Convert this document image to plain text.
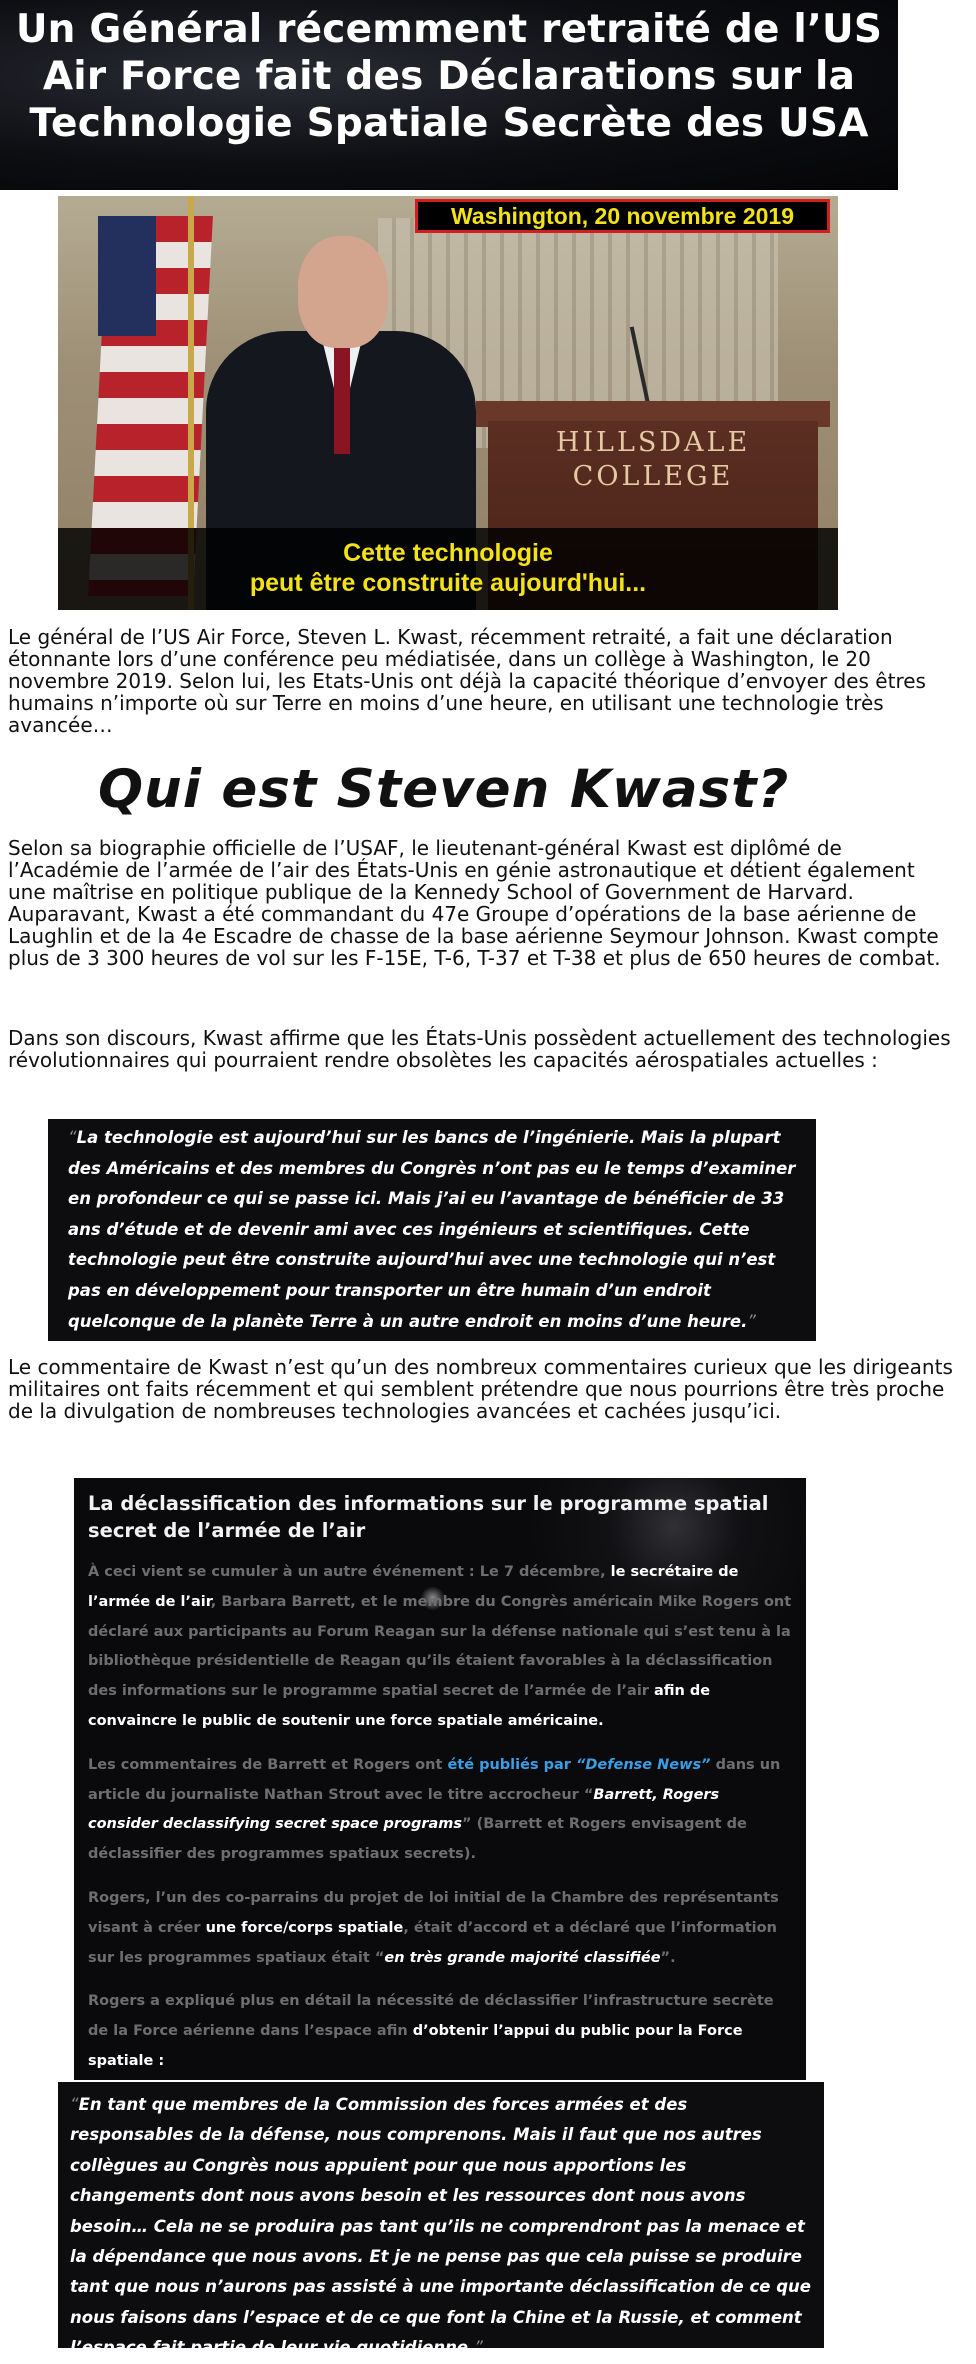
Un Général récemment retraité de l’US
Air Force fait des Déclarations sur la
Technologie Spatiale Secrète des USA
HILLSDALE
COLLEGE
Washington, 20 novembre 2019
Cette technologie
peut être construite aujourd'hui...

Le général de l’US Air Force, Steven L. Kwast, récemment retraité, a fait une déclaration étonnante lors d’une conférence peu médiatisée, dans un collège à Washington, le 20 novembre 2019. Selon lui, les Etats-Unis ont déjà la capacité théorique d’envoyer des êtres humains n’importe où sur Terre en moins d’une heure, en utilisant une technologie très avancée…

Qui est Steven Kwast?

Selon sa biographie officielle de l’USAF, le lieutenant-général Kwast est diplômé de l’Académie de l’armée de l’air des États-Unis en génie astronautique et détient également une maîtrise en politique publique de la Kennedy School of Government de Harvard. Auparavant, Kwast a été commandant du 47e Groupe d’opérations de la base aérienne de Laughlin et de la 4e Escadre de chasse de la base aérienne Seymour Johnson. Kwast compte plus de 3 300 heures de vol sur les F-15E, T-6, T-37 et T-38 et plus de 650 heures de combat.

Dans son discours, Kwast affirme que les États-Unis possèdent actuellement des technologies révolutionnaires qui pourraient rendre obsolètes les capacités aérospatiales actuelles :

“La technologie est aujourd’hui sur les bancs de l’ingénierie. Mais la plupart des Américains et des membres du Congrès n’ont pas eu le temps d’examiner en profondeur ce qui se passe ici. Mais j’ai eu l’avantage de bénéficier de 33 ans d’étude et de devenir ami avec ces ingénieurs et scientifiques. Cette technologie peut être construite aujourd’hui avec une technologie qui n’est pas en développement pour transporter un être humain d’un endroit quelconque de la planète Terre à un autre endroit en moins d’une heure.”

Le commentaire de Kwast n’est qu’un des nombreux commentaires curieux que les dirigeants militaires ont faits récemment et qui semblent prétendre que nous pourrions être très proche de la divulgation de nombreuses technologies avancées et cachées jusqu’ici.

La déclassification des informations sur le programme spatial secret de l’armée de l’air

À ceci vient se cumuler à un autre événement : Le 7 décembre, le secrétaire de l’armée de l’air, Barbara Barrett, et le membre du Congrès américain Mike Rogers ont déclaré aux participants au Forum Reagan sur la défense nationale qui s’est tenu à la bibliothèque présidentielle de Reagan qu’ils étaient favorables à la déclassification des informations sur le programme spatial secret de l’armée de l’air afin de convaincre le public de soutenir une force spatiale américaine.

Les commentaires de Barrett et Rogers ont été publiés par “Defense News” dans un article du journaliste Nathan Strout avec le titre accrocheur “Barrett, Rogers consider declassifying secret space programs” (Barrett et Rogers envisagent de déclassifier des programmes spatiaux secrets).

Rogers, l’un des co-parrains du projet de loi initial de la Chambre des représentants visant à créer une force/corps spatiale, était d’accord et a déclaré que l’information sur les programmes spatiaux était “en très grande majorité classifiée”.

Rogers a expliqué plus en détail la nécessité de déclassifier l’infrastructure secrète de la Force aérienne dans l’espace afin d’obtenir l’appui du public pour la Force spatiale :

“En tant que membres de la Commission des forces armées et des responsables de la défense, nous comprenons. Mais il faut que nos autres collègues au Congrès nous appuient pour que nous apportions les changements dont nous avons besoin et les ressources dont nous avons besoin… Cela ne se produira pas tant qu’ils ne comprendront pas la menace et la dépendance que nous avons. Et je ne pense pas que cela puisse se produire tant que nous n’aurons pas assisté à une importante déclassification de ce que nous faisons dans l’espace et de ce que font la Chine et la Russie, et comment l’espace fait partie de leur vie quotidienne.”
